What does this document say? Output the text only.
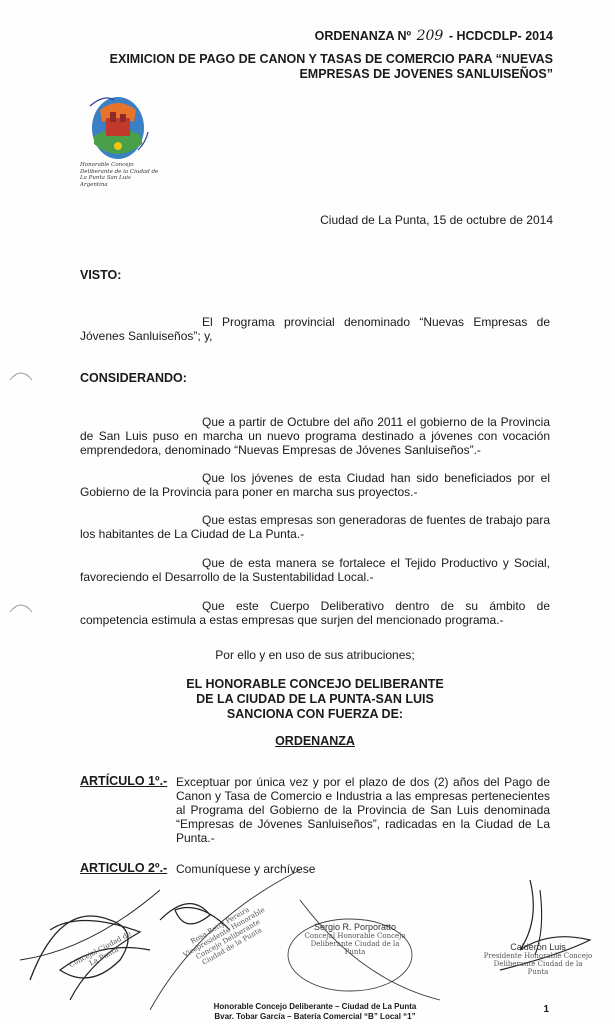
ORDENANZA Nº 209 - HCDCDLP- 2014
EXIMICION DE PAGO DE CANON Y TASAS DE COMERCIO PARA “NUEVAS EMPRESAS DE JOVENES SANLUISEÑOS”
Honorable Concejo Deliberante de la Ciudad de La Punta San Luis Argentina
Ciudad de La Punta, 15 de octubre de 2014
VISTO:
El Programa provincial denominado “Nuevas Empresas de Jóvenes Sanluiseños”; y,
CONSIDERANDO:
Que a partir de Octubre del año 2011 el gobierno de la Provincia de San Luis puso en marcha un nuevo programa destinado a jóvenes con vocación emprendedora, denominado “Nuevas Empresas de Jóvenes Sanluiseños”.-
Que los jóvenes de esta Ciudad han sido beneficiados por el Gobierno de la Provincia para poner en marcha sus proyectos.-
Que estas empresas son generadoras de fuentes de trabajo para los habitantes de La Ciudad de La Punta.-
Que de esta manera se fortalece el Tejido Productivo y Social, favoreciendo el Desarrollo de la Sustentabilidad Local.-
Que este Cuerpo Deliberativo dentro de su ámbito de competencia estimula a estas empresas que surjen del mencionado programa.-
Por ello y en uso de sus atribuciones;
EL HONORABLE CONCEJO DELIBERANTE
DE LA CIUDAD DE LA PUNTA-SAN LUIS
SANCIONA CON FUERZA DE:
ORDENANZA
ARTÍCULO 1º.- Exceptuar por única vez y por el plazo de dos (2) años del Pago de Canon y Tasa de Comercio e Industria a las empresas pertenecientes al Programa del Gobierno de la Provincia de San Luis denominada “Empresas de Jóvenes Sanluiseños”, radicadas en la Ciudad de La Punta.-
ARTICULO 2º.- Comuníquese y archívese
Concejal Ciudad de La Punta
Rosa Betty Pereira Vicepresidente Honorable Concejo Deliberante Ciudad de la Punta	Sergio R. Porporatto
Concejal Honorable Concejo Deliberante Ciudad de la Punta	Calderón Luis
Presidente Honorable Concejo Deliberante Ciudad de la Punta
Honorable Concejo Deliberante – Ciudad de La Punta
Bvar. Tobar García – Batería Comercial “B” Local “1”
1
